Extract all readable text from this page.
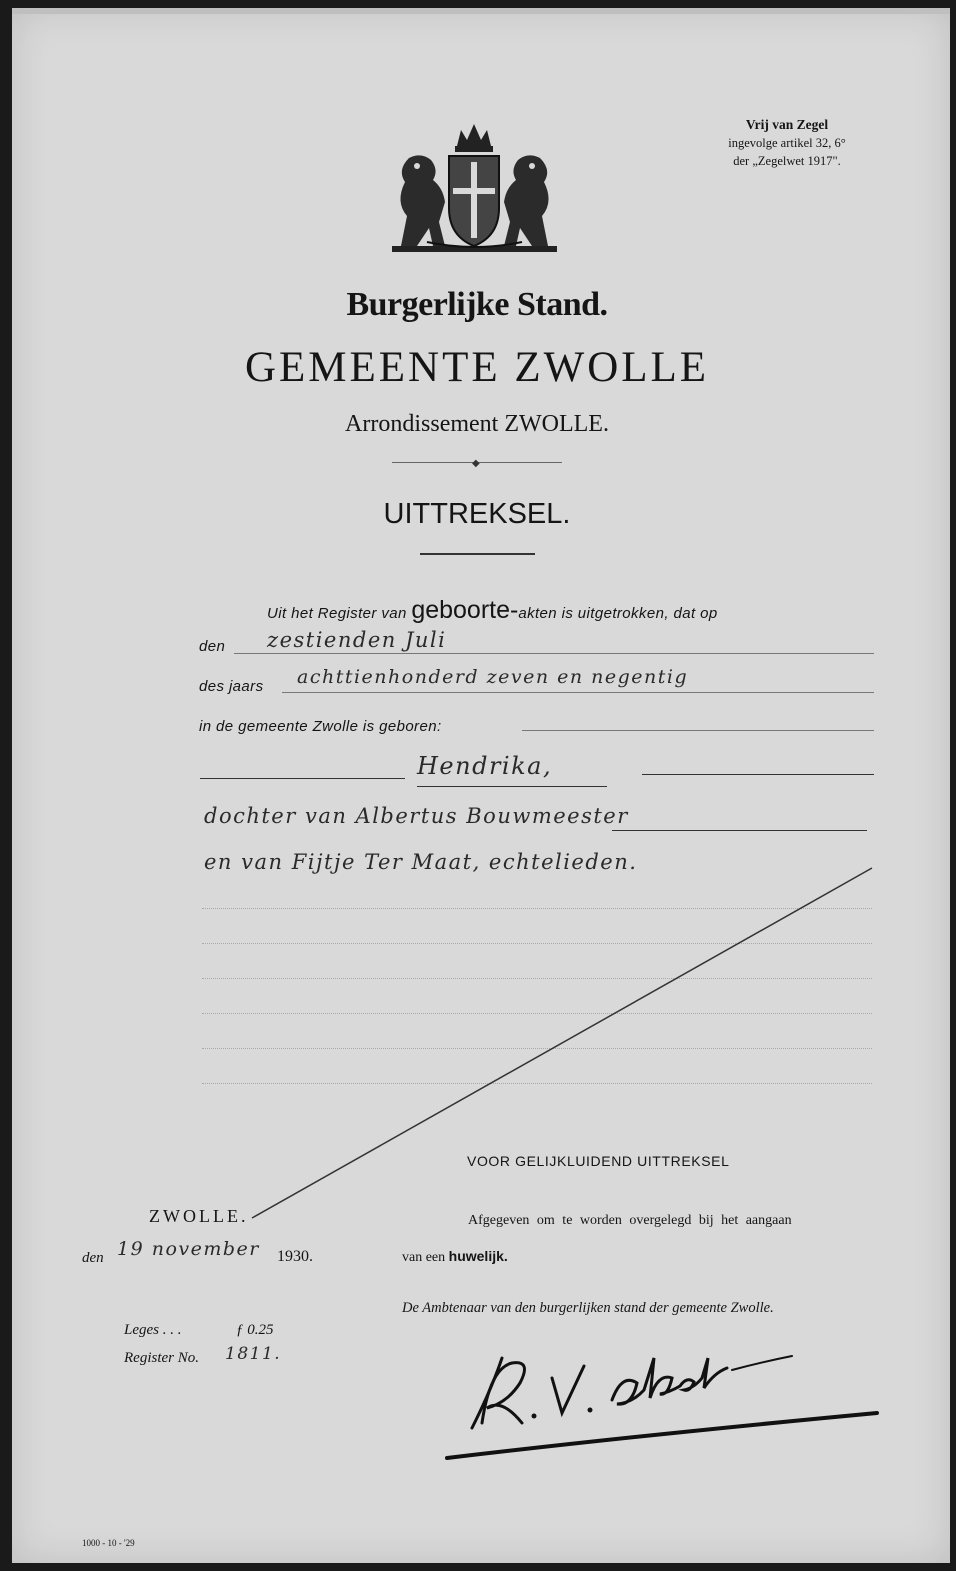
Vrij van Zegel
ingevolge artikel 32, 6°
der „Zegelwet 1917".
Burgerlijke Stand.
GEMEENTE ZWOLLE
Arrondissement ZWOLLE.
◆
UITTREKSEL.
Uit het Register van geboorte-akten is uitgetrokken, dat op
den zestienden Juli
des jaars achttienhonderd zeven en negentig
in de gemeente Zwolle is geboren:
Hendrika,
dochter van Albertus Bouwmeester
en van Fijtje Ter Maat, echtelieden.
VOOR GELIJKLUIDEND UITTREKSEL
Afgegeven om te worden overgelegd bij het aangaan
van een huwelijk.
De Ambtenaar van den burgerlijken stand der gemeente Zwolle.
ZWOLLE.
den 19 november 1930.
Leges . . .	ƒ 0.25
Register No. 1811.
1000 - 10 - '29
